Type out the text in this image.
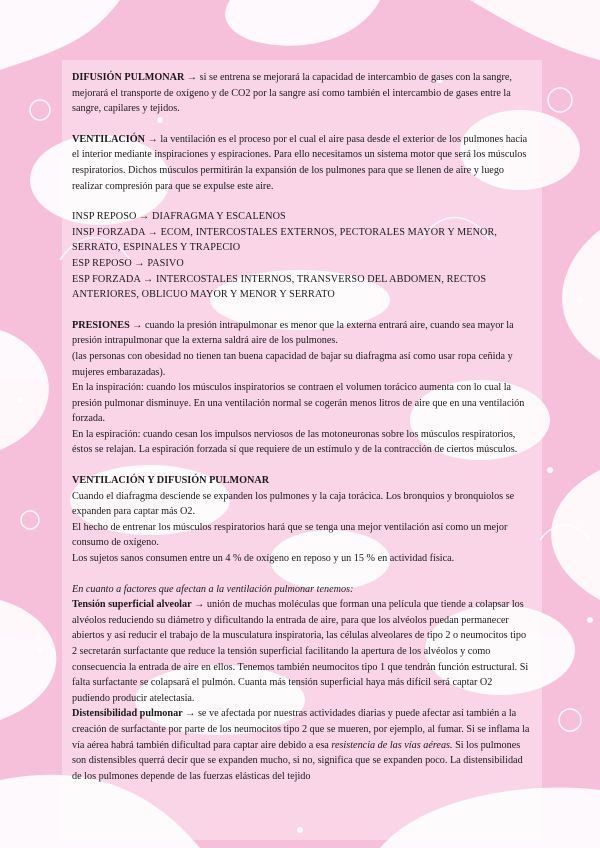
DIFUSIÓN PULMONAR → si se entrena se mejorará la capacidad de intercambio de gases con la sangre, mejorará el transporte de oxígeno y de CO2 por la sangre así como también el intercambio de gases entre la sangre, capilares y tejidos.

VENTILACIÓN → la ventilación es el proceso por el cual el aire pasa desde el exterior de los pulmones hacia el interior mediante inspiraciones y espiraciones. Para ello necesitamos un sistema motor que será los músculos respiratorios. Dichos músculos permitirán la expansión de los pulmones para que se llenen de aire y luego realizar compresión para que se expulse este aire.

INSP REPOSO → DIAFRAGMA Y ESCALENOS

INSP FORZADA → ECOM, INTERCOSTALES EXTERNOS, PECTORALES MAYOR Y MENOR, SERRATO, ESPINALES Y TRAPECIO

ESP REPOSO → PASIVO

ESP FORZADA → INTERCOSTALES INTERNOS, TRANSVERSO DEL ABDOMEN, RECTOS ANTERIORES, OBLICUO MAYOR Y MENOR Y SERRATO

PRESIONES → cuando la presión intrapulmonar es menor que la externa entrará aire, cuando sea mayor la presión intrapulmonar que la externa saldrá aire de los pulmones.

(las personas con obesidad no tienen tan buena capacidad de bajar su diafragma así como usar ropa ceñida y mujeres embarazadas).

En la inspiración: cuando los músculos inspiratorios se contraen el volumen torácico aumenta con lo cual la presión pulmonar disminuye. En una ventilación normal se cogerán menos litros de aire que en una ventilación forzada.

En la espiración: cuando cesan los impulsos nerviosos de las motoneuronas sobre los músculos respiratorios, éstos se relajan. La espiración forzada sí que requiere de un estímulo y de la contracción de ciertos músculos.

VENTILACIÓN Y DIFUSIÓN PULMONAR

Cuando el diafragma desciende se expanden los pulmones y la caja torácica. Los bronquios y bronquiolos se expanden para captar más O2.

El hecho de entrenar los músculos respiratorios hará que se tenga una mejor ventilación así como un mejor consumo de oxígeno.

Los sujetos sanos consumen entre un 4 % de oxígeno en reposo y un 15 % en actividad física.

En cuanto a factores que afectan a la ventilación pulmonar tenemos:

Tensión superficial alveolar → unión de muchas moléculas que forman una película que tiende a colapsar los alvéolos reduciendo su diámetro y dificultando la entrada de aire, para que los alvéolos puedan permanecer abiertos y así reducir el trabajo de la musculatura inspiratoria, las células alveolares de tipo 2 o neumocitos tipo 2 secretarán surfactante que reduce la tensión superficial facilitando la apertura de los alvéolos y como consecuencia la entrada de aire en ellos. Tenemos también neumocitos tipo 1 que tendrán función estructural. Si falta surfactante se colapsará el pulmón. Cuanta más tensión superficial haya más difícil será captar O2 pudiendo producir atelectasia.

Distensibilidad pulmonar → se ve afectada por nuestras actividades diarias y puede afectar así también a la creación de surfactante por parte de los neumocitos tipo 2 que se mueren, por ejemplo, al fumar. Si se inflama la vía aérea habrá también dificultad para captar aire debido a esa resistencia de las vías aéreas. Si los pulmones son distensibles querrá decir que se expanden mucho, si no, significa que se expanden poco. La distensibilidad de los pulmones depende de las fuerzas elásticas del tejido
